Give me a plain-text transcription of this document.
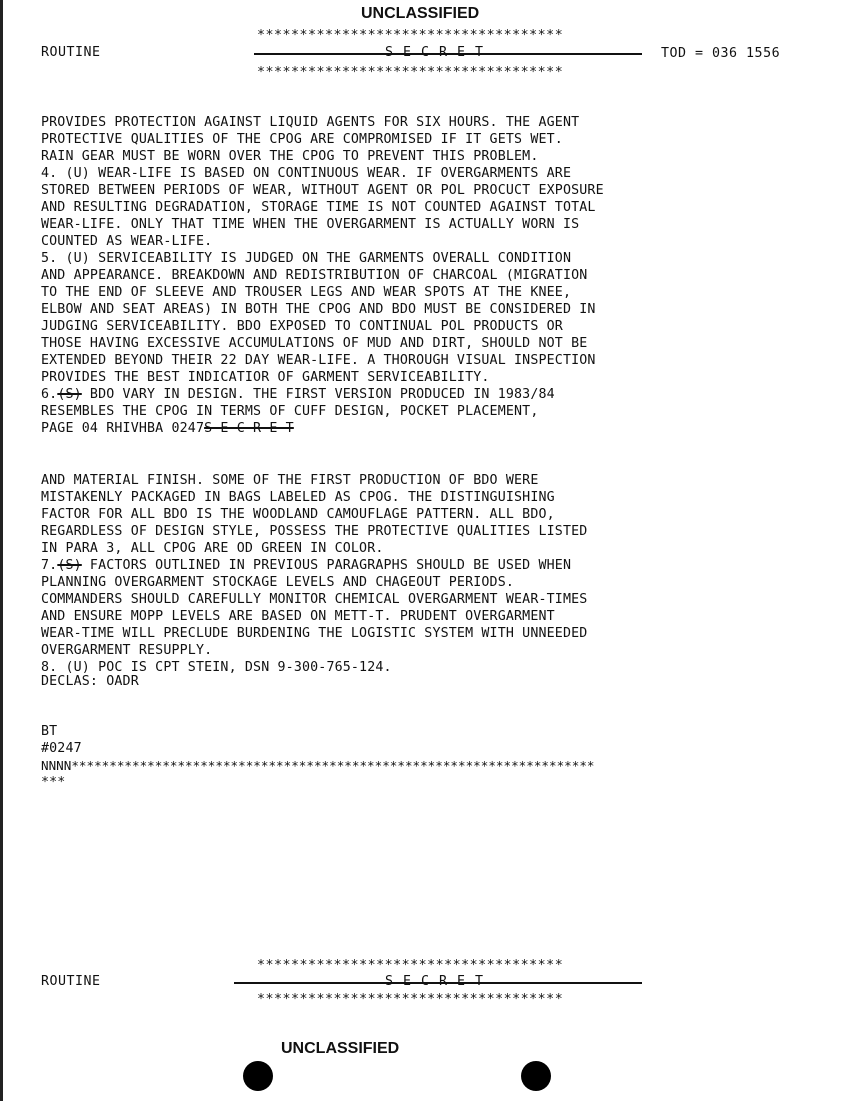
UNCLASSIFIED
ROUTINE
************************************
S E C R E T	TOD = 036 1556
************************************

PROVIDES PROTECTION AGAINST LIQUID AGENTS FOR SIX HOURS. THE AGENT
PROTECTIVE QUALITIES OF THE CPOG ARE COMPROMISED IF IT GETS WET.
RAIN GEAR MUST BE WORN OVER THE CPOG TO PREVENT THIS PROBLEM.
4. (U) WEAR-LIFE IS BASED ON CONTINUOUS WEAR. IF OVERGARMENTS ARE
STORED BETWEEN PERIODS OF WEAR, WITHOUT AGENT OR POL PROCUCT EXPOSURE
AND RESULTING DEGRADATION, STORAGE TIME IS NOT COUNTED AGAINST TOTAL
WEAR-LIFE. ONLY THAT TIME WHEN THE OVERGARMENT IS ACTUALLY WORN IS
COUNTED AS WEAR-LIFE.
5. (U) SERVICEABILITY IS JUDGED ON THE GARMENTS OVERALL CONDITION
AND APPEARANCE. BREAKDOWN AND REDISTRIBUTION OF CHARCOAL (MIGRATION
TO THE END OF SLEEVE AND TROUSER LEGS AND WEAR SPOTS AT THE KNEE,
ELBOW AND SEAT AREAS) IN BOTH THE CPOG AND BDO MUST BE CONSIDERED IN
JUDGING SERVICEABILITY. BDO EXPOSED TO CONTINUAL POL PRODUCTS OR
THOSE HAVING EXCESSIVE ACCUMULATIONS OF MUD AND DIRT, SHOULD NOT BE
EXTENDED BEYOND THEIR 22 DAY WEAR-LIFE. A THOROUGH VISUAL INSPECTION
PROVIDES THE BEST INDICATIOR OF GARMENT SERVICEABILITY.
6.(S) BDO VARY IN DESIGN. THE FIRST VERSION PRODUCED IN 1983/84
RESEMBLES THE CPOG IN TERMS OF CUFF DESIGN, POCKET PLACEMENT,

PAGE 04 RHIVHBA 0247S E C R E T

AND MATERIAL FINISH. SOME OF THE FIRST PRODUCTION OF BDO WERE
MISTAKENLY PACKAGED IN BAGS LABELED AS CPOG. THE DISTINGUISHING
FACTOR FOR ALL BDO IS THE WOODLAND CAMOUFLAGE PATTERN. ALL BDO,
REGARDLESS OF DESIGN STYLE, POSSESS THE PROTECTIVE QUALITIES LISTED
IN PARA 3, ALL CPOG ARE OD GREEN IN COLOR.
7.(S) FACTORS OUTLINED IN PREVIOUS PARAGRAPHS SHOULD BE USED WHEN
PLANNING OVERGARMENT STOCKAGE LEVELS AND CHAGEOUT PERIODS.
COMMANDERS SHOULD CAREFULLY MONITOR CHEMICAL OVERGARMENT WEAR-TIMES
AND ENSURE MOPP LEVELS ARE BASED ON METT-T. PRUDENT OVERGARMENT
WEAR-TIME WILL PRECLUDE BURDENING THE LOGISTIC SYSTEM WITH UNNEEDED
OVERGARMENT RESUPPLY.
8. (U) POC IS CPT STEIN, DSN 9-300-765-124.

DECLAS: OADR
BT
#0247
NNNN*********************************************************************
***
************************************
ROUTINE	S E C R E T
************************************
UNCLASSIFIED
